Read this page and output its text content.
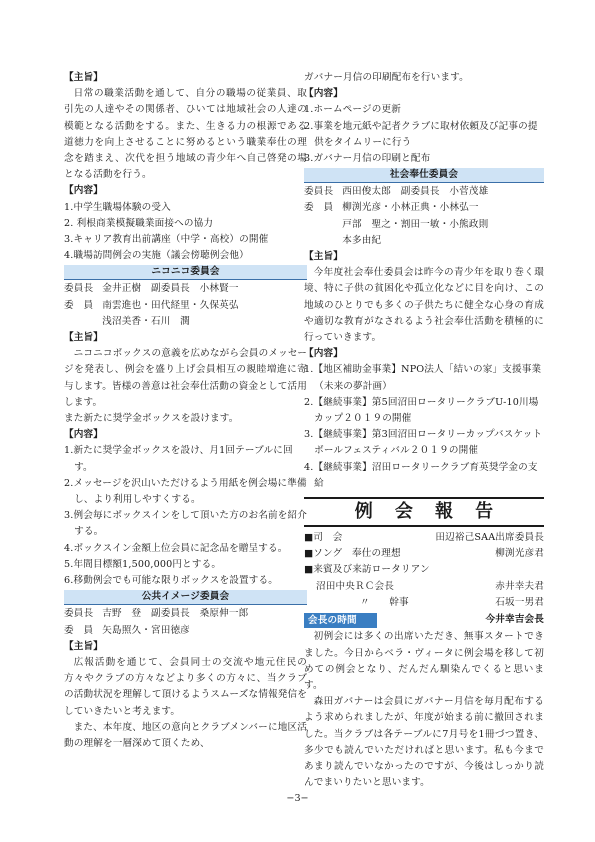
【主旨】

日常の職業活動を通して、自分の職場の従業員、取引先の人達やその関係者、ひいては地域社会の人達の模範となる活動をする。また、生きる力の根源である道徳力を向上させることに努めるという職業奉仕の理念を踏まえ、次代を担う地域の青少年へ自己啓発の場となる活動を行う。

【内容】

1.中学生職場体験の受入

2. 利根商業模擬職業面接への協力

3.キャリア教育出前講座（中学・高校）の開催

4.職場訪問例会の実施（議会傍聴例会他）

ニコニコ委員会
委員長 金井正樹　副委員長　小林賢一
委　員 南雲進也・田代経里・久保英弘
浅沼美香・石川　潤

【主旨】

ニコニコボックスの意義を広めながら会員のメッセージを発表し、例会を盛り上げ会員相互の親睦増進に寄与します。皆様の善意は社会奉仕活動の資金として活用します。

また新たに奨学金ボックスを設けます。

【内容】

1.新たに奨学金ボックスを設け、月1回テーブルに回す。

2.メッセージを沢山いただけるよう用紙を例会場に準備し、より利用しやすくする。

3.例会毎にボックスインをして頂いた方のお名前を紹介する。

4.ボックスイン金額上位会員に記念品を贈呈する。

5.年間目標額1,500,000円とする。

6.移動例会でも可能な限りボックスを設置する。

公共イメージ委員会
委員長 吉野　登　副委員長　桑原伸一郎
委　員 矢島照久・宮田徳彦

【主旨】

広報活動を通じて、会員同士の交流や地元住民の方々やクラブの方々などより多くの方々に、当クラブの活動状況を理解して頂けるようスムーズな情報発信をしていきたいと考えます。

また、本年度、地区の意向とクラブメンバーに地区活動の理解を一層深めて頂くため、

ガバナー月信の印刷配布を行います。

【内容】

1.ホームページの更新

2.事業を地元紙や記者クラブに取材依頼及び記事の提供をタイムリーに行う

3.ガバナー月信の印刷と配布

社会奉仕委員会
委員長 西田俊太郎　副委員長　小菅茂雄
委　員 柳渕光彦・小林正典・小林弘一
戸部　聖之・割田一敏・小熊政則
本多由紀

【主旨】

今年度社会奉仕委員会は昨今の青少年を取り巻く環境、特に子供の貧困化や孤立化などに目を向け、この地域のひとりでも多くの子供たちに健全な心身の育成や適切な教育がなされるよう社会奉仕活動を積極的に行っていきます。

【内容】

1.【地区補助金事業】NPO法人「結いの家」支援事業（未来の夢計画）

2.【継続事業】第5回沼田ロータリークラブU-10川場カップ２０１９の開催

3.【継続事業】第3回沼田ロータリーカップバスケットボールフェスティバル２０１９の開催

4.【継続事業】沼田ロータリークラブ育英奨学金の支給

例 会 報 告
■司　会	田辺裕己SAA出席委員長
■ソング　奉仕の理想	柳渕光彦君

■来賓及び来訪ロータリアン

沼田中央ＲＣ会長	赤井幸夫君
〃　　幹事	石坂一男君
会長の時間	今井幸吉会長

初例会には多くの出席いただき、無事スタートできました。今日からベラ・ヴィータに例会場を移して初めての例会となり、だんだん馴染んでくると思います。

森田ガバナーは会員にガバナー月信を毎月配布するよう求められましたが、年度が始まる前に撤回されました。当クラブは各テーブルに7月号を1冊づつ置き、多少でも読んでいただければと思います。私も今まであまり読んでいなかったのですが、今後はしっかり読んでまいりたいと思います。

−3−
